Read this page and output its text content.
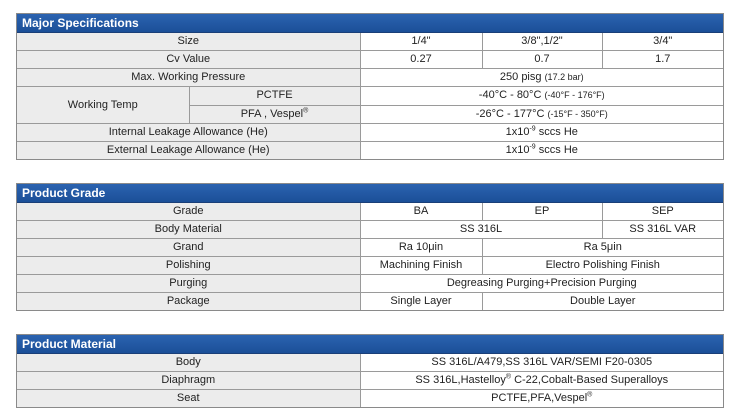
Major Specifications
Size		1/4"	3/8",1/2"	3/4"
Cv Value		0.27	0.7	1.7
Max. Working Pressure		250 pisg (17.2 bar)		
Working Temp	PCTFE	-40°C - 80°C (-40°F - 176°F)		
	PFA , Vespel®	-26°C - 177°C (-15°F - 350°F)		
Internal Leakage Allowance (He)		$1x10^{-9}$ sccs He		
External Leakage Allowance (He)		$1x10^{-9}$ sccs He		
Product Grade
Grade	BA	EP	SEP
Body Material	SS 316L		SS 316L VAR
Grand	Ra 10μin	Ra 5μin	
Polishing	Machining Finish	Electro Polishing Finish	
Purging	Degreasing Purging+Precision Purging		
Package	Single Layer	Double Layer	
Product Material
Body	SS 316L/A479,SS 316L VAR/SEMI F20-0305
Diaphragm	SS 316L,Hastelloy® C-22,Cobalt-Based Superalloys
Seat	PCTFE,PFA,Vespel®
